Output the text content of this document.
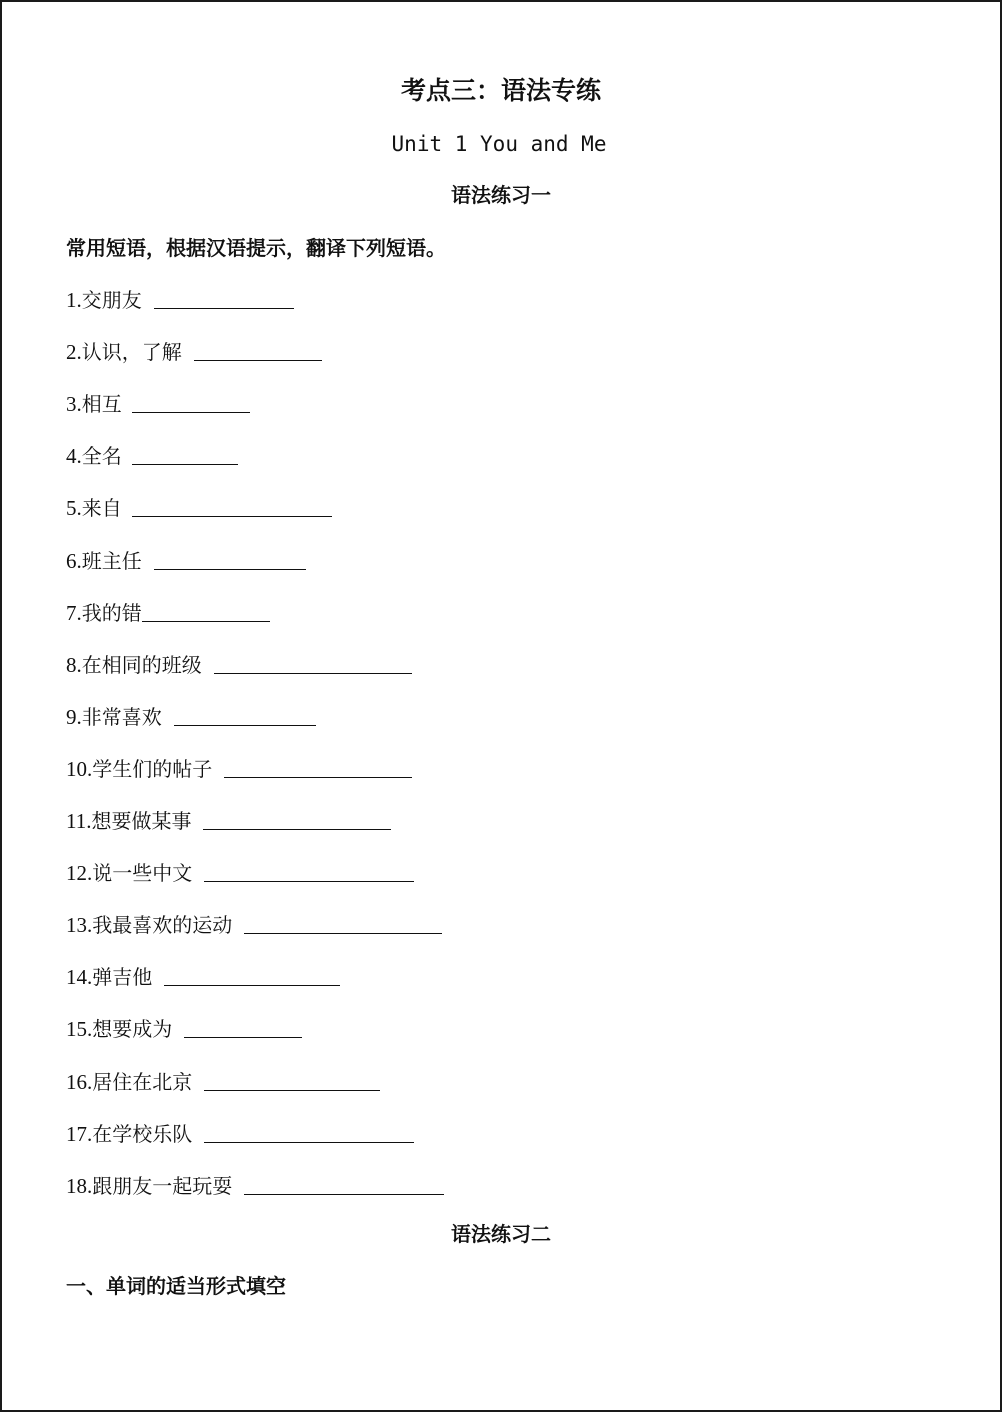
考点三：语法专练
Unit 1 You and Me
语法练习一
常用短语，根据汉语提示，翻译下列短语。
1. 交朋友
2. 认识，了解
3. 相互
4. 全名
5. 来自
6. 班主任
7. 我的错
8. 在相同的班级
9. 非常喜欢
10. 学生们的帖子
11. 想要做某事
12. 说一些中文
13. 我最喜欢的运动
14. 弹吉他
15. 想要成为
16. 居住在北京
17. 在学校乐队
18. 跟朋友一起玩耍
语法练习二
一、单词的适当形式填空
